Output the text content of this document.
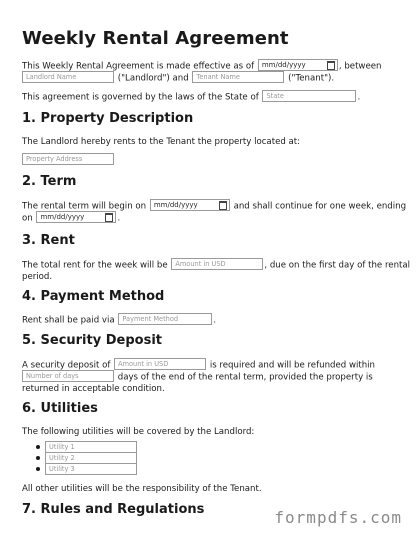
Weekly Rental Agreement
This Weekly Rental Agreement is made effective as of mm/dd/yyyy	, between
Landlord Name	("Landlord") and Tenant Name	("Tenant").
This agreement is governed by the laws of the State of State	.
1. Property Description
The Landlord hereby rents to the Tenant the property located at:
Property Address
2. Term
The rental term will begin on mm/dd/yyyy	and shall continue for one week, ending
on mm/dd/yyyy	.
3. Rent
The total rent for the week will be Amount in USD	, due on the first day of the rental
period.
4. Payment Method
Rent shall be paid via Payment Method	.
5. Security Deposit
A security deposit of Amount in USD	is required and will be refunded within
Number of days	days of the end of the rental term, provided the property is
returned in acceptable condition.
6. Utilities
The following utilities will be covered by the Landlord:
Utility 1
Utility 2
Utility 3
All other utilities will be the responsibility of the Tenant.
7. Rules and Regulations	formpdfs.com
